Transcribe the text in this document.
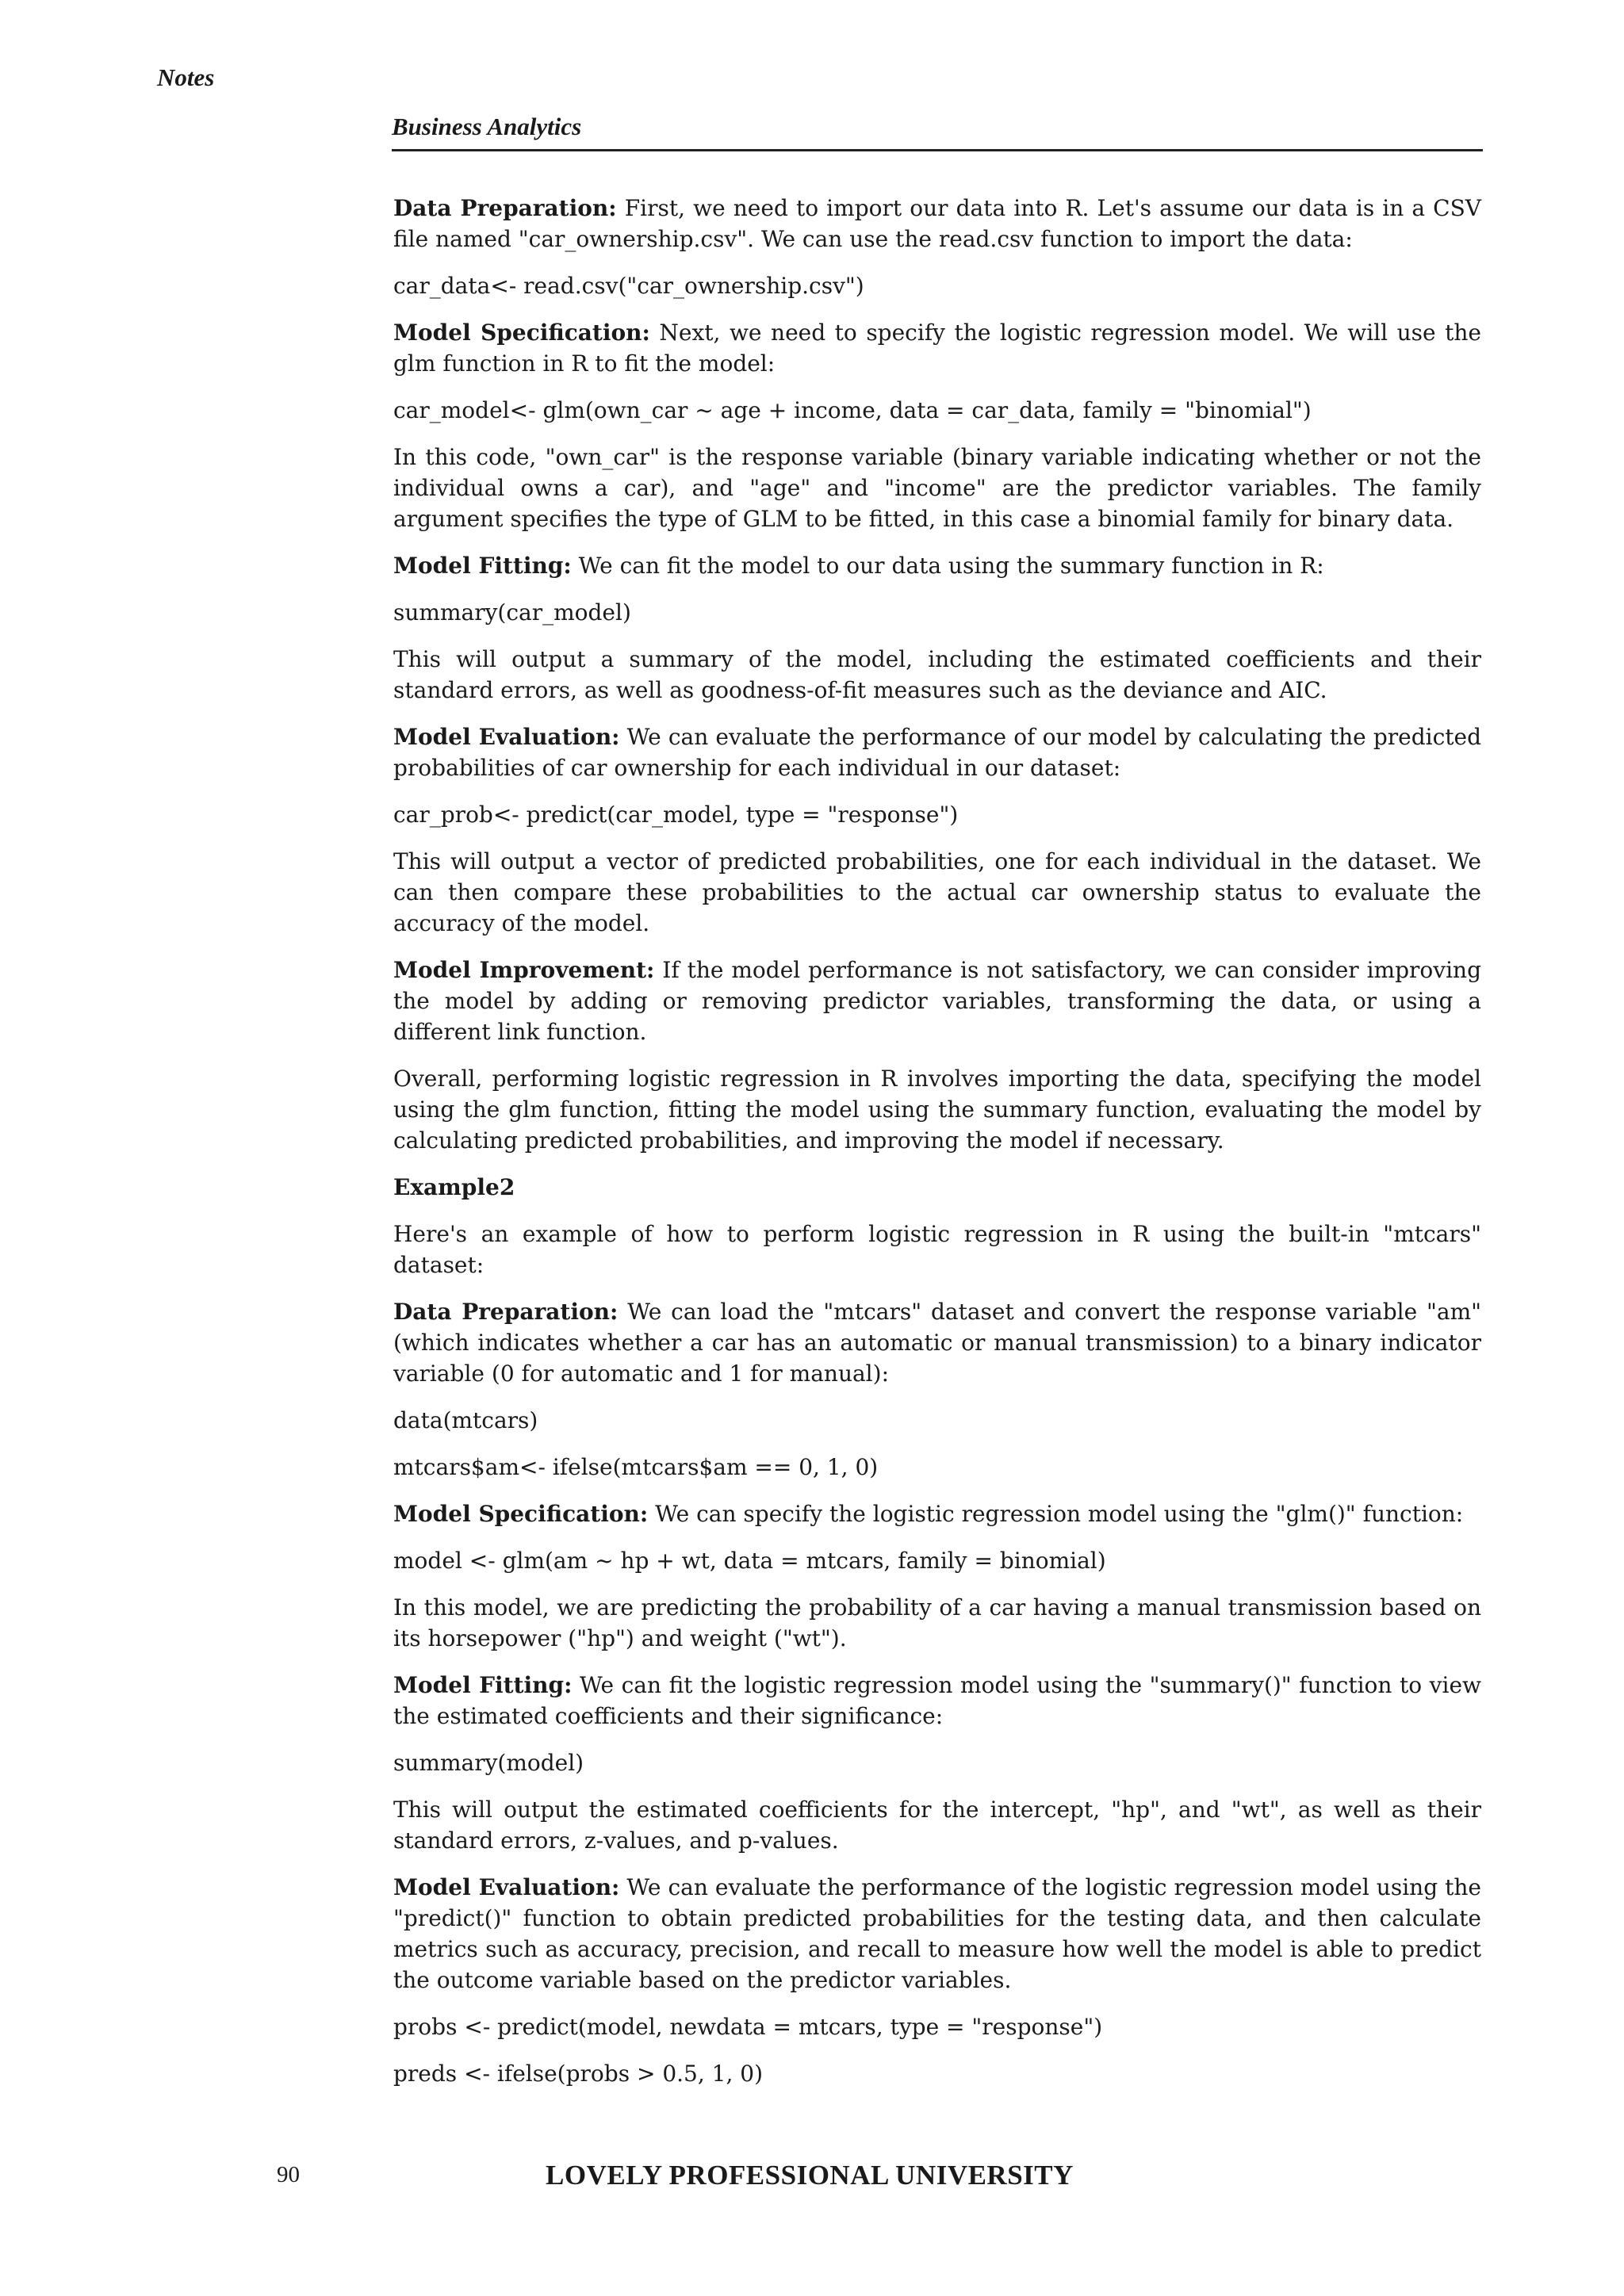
Notes
Business Analytics

Data Preparation: First, we need to import our data into R. Let's assume our data is in a CSV file named "car_ownership.csv". We can use the read.csv function to import the data:

car_data<- read.csv("car_ownership.csv")

Model Specification: Next, we need to specify the logistic regression model. We will use the glm function in R to fit the model:

car_model<- glm(own_car ~ age + income, data = car_data, family = "binomial")

In this code, "own_car" is the response variable (binary variable indicating whether or not the individual owns a car), and "age" and "income" are the predictor variables. The family argument specifies the type of GLM to be fitted, in this case a binomial family for binary data.

Model Fitting: We can fit the model to our data using the summary function in R:

summary(car_model)

This will output a summary of the model, including the estimated coefficients and their standard errors, as well as goodness-of-fit measures such as the deviance and AIC.

Model Evaluation: We can evaluate the performance of our model by calculating the predicted probabilities of car ownership for each individual in our dataset:

car_prob<- predict(car_model, type = "response")

This will output a vector of predicted probabilities, one for each individual in the dataset. We can then compare these probabilities to the actual car ownership status to evaluate the accuracy of the model.

Model Improvement: If the model performance is not satisfactory, we can consider improving the model by adding or removing predictor variables, transforming the data, or using a different link function.

Overall, performing logistic regression in R involves importing the data, specifying the model using the glm function, fitting the model using the summary function, evaluating the model by calculating predicted probabilities, and improving the model if necessary.

Example2

Here's an example of how to perform logistic regression in R using the built-in "mtcars" dataset:

Data Preparation: We can load the "mtcars" dataset and convert the response variable "am" (which indicates whether a car has an automatic or manual transmission) to a binary indicator variable (0 for automatic and 1 for manual):

data(mtcars)

mtcars$am<- ifelse(mtcars$am == 0, 1, 0)

Model Specification: We can specify the logistic regression model using the "glm()" function:

model <- glm(am ~ hp + wt, data = mtcars, family = binomial)

In this model, we are predicting the probability of a car having a manual transmission based on its horsepower ("hp") and weight ("wt").

Model Fitting: We can fit the logistic regression model using the "summary()" function to view the estimated coefficients and their significance:

summary(model)

This will output the estimated coefficients for the intercept, "hp", and "wt", as well as their standard errors, z-values, and p-values.

Model Evaluation: We can evaluate the performance of the logistic regression model using the "predict()" function to obtain predicted probabilities for the testing data, and then calculate metrics such as accuracy, precision, and recall to measure how well the model is able to predict the outcome variable based on the predictor variables.

probs <- predict(model, newdata = mtcars, type = "response")

preds <- ifelse(probs > 0.5, 1, 0)

90	LOVELY PROFESSIONAL UNIVERSITY
